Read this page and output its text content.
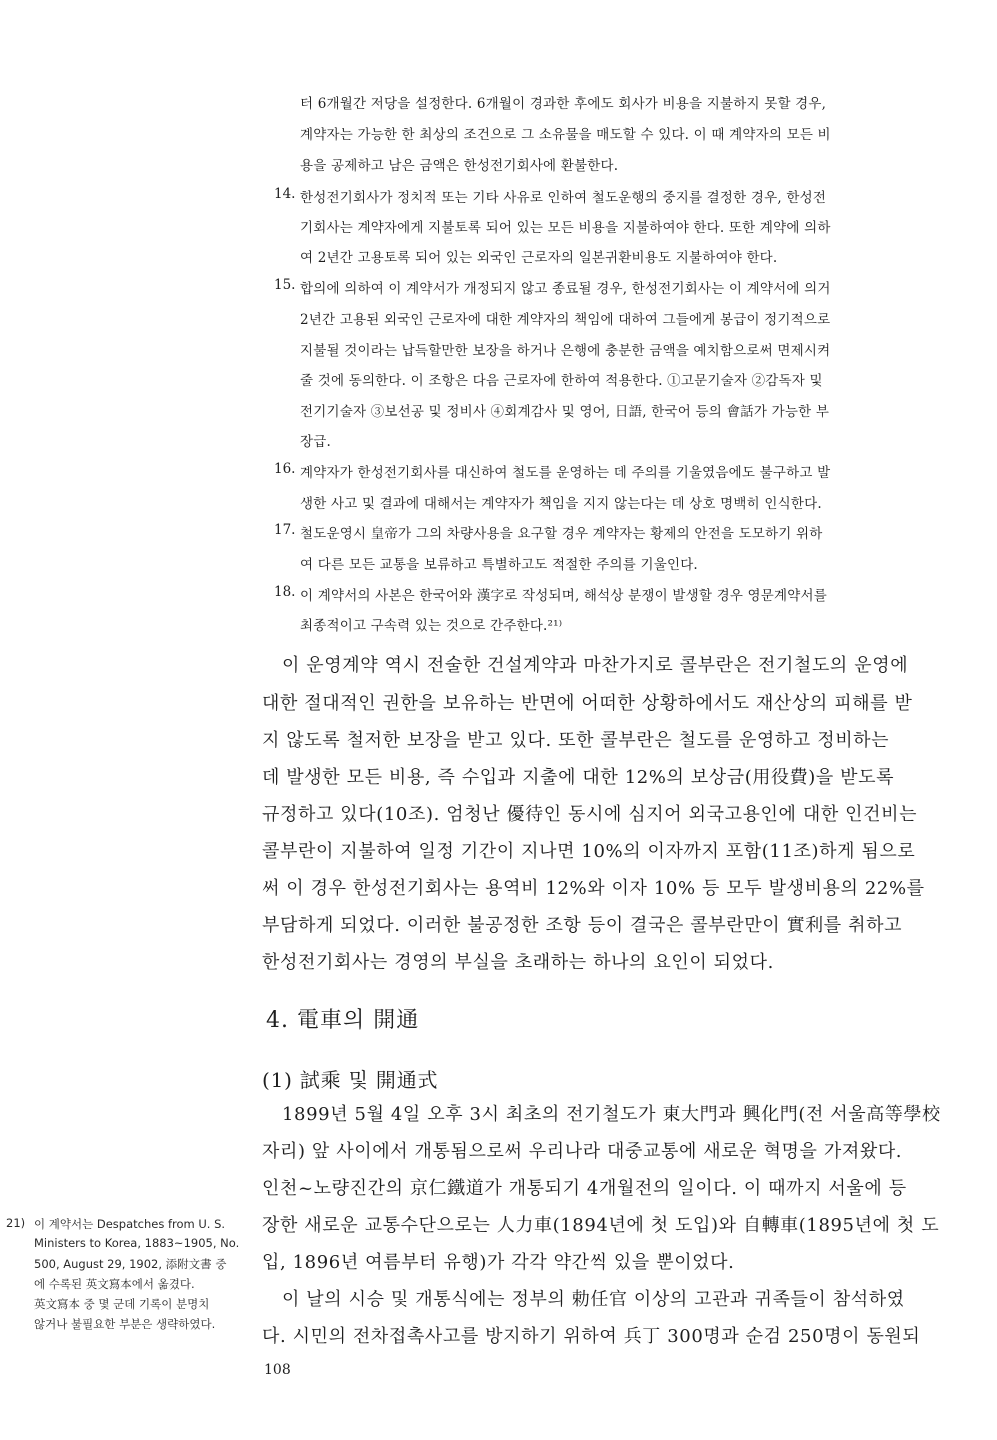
터 6개월간 저당을 설정한다. 6개월이 경과한 후에도 회사가 비용을 지불하지 못할 경우,
계약자는 가능한 한 최상의 조건으로 그 소유물을 매도할 수 있다. 이 때 계약자의 모든 비
용을 공제하고 남은 금액은 한성전기회사에 환불한다.
14. 한성전기회사가 정치적 또는 기타 사유로 인하여 철도운행의 중지를 결정한 경우, 한성전
기회사는 계약자에게 지불토록 되어 있는 모든 비용을 지불하여야 한다. 또한 계약에 의하
여 2년간 고용토록 되어 있는 외국인 근로자의 일본귀환비용도 지불하여야 한다.
15. 합의에 의하여 이 계약서가 개정되지 않고 종료될 경우, 한성전기회사는 이 계약서에 의거
2년간 고용된 외국인 근로자에 대한 계약자의 책임에 대하여 그들에게 봉급이 정기적으로
지불될 것이라는 납득할만한 보장을 하거나 은행에 충분한 금액을 예치함으로써 면제시켜
줄 것에 동의한다. 이 조항은 다음 근로자에 한하여 적용한다. ①고문기술자 ②감독자 및
전기기술자 ③보선공 및 정비사 ④회계감사 및 영어, 日語, 한국어 등의 會話가 가능한 부
장급.
16. 계약자가 한성전기회사를 대신하여 철도를 운영하는 데 주의를 기울였음에도 불구하고 발
생한 사고 및 결과에 대해서는 계약자가 책임을 지지 않는다는 데 상호 명백히 인식한다.
17. 철도운영시 皇帝가 그의 차량사용을 요구할 경우 계약자는 황제의 안전을 도모하기 위하
여 다른 모든 교통을 보류하고 특별하고도 적절한 주의를 기울인다.
18. 이 계약서의 사본은 한국어와 漢字로 작성되며, 해석상 분쟁이 발생할 경우 영문계약서를
최종적이고 구속력 있는 것으로 간주한다.²¹⁾
이 운영계약 역시 전술한 건설계약과 마찬가지로 콜부란은 전기철도의 운영에
대한 절대적인 권한을 보유하는 반면에 어떠한 상황하에서도 재산상의 피해를 받
지 않도록 철저한 보장을 받고 있다. 또한 콜부란은 철도를 운영하고 정비하는
데 발생한 모든 비용, 즉 수입과 지출에 대한 12%의 보상금(用役費)을 받도록
규정하고 있다(10조). 엄청난 優待인 동시에 심지어 외국고용인에 대한 인건비는
콜부란이 지불하여 일정 기간이 지나면 10%의 이자까지 포함(11조)하게 됨으로
써 이 경우 한성전기회사는 용역비 12%와 이자 10% 등 모두 발생비용의 22%를
부담하게 되었다. 이러한 불공정한 조항 등이 결국은 콜부란만이 實利를 취하고
한성전기회사는 경영의 부실을 초래하는 하나의 요인이 되었다.
4. 電車의 開通
(1) 試乘 및 開通式
1899년 5월 4일 오후 3시 최초의 전기철도가 東大門과 興化門(전 서울高等學校
자리) 앞 사이에서 개통됨으로써 우리나라 대중교통에 새로운 혁명을 가져왔다.
인천~노량진간의 京仁鐵道가 개통되기 4개월전의 일이다. 이 때까지 서울에 등
장한 새로운 교통수단으로는 人力車(1894년에 첫 도입)와 自轉車(1895년에 첫 도
입, 1896년 여름부터 유행)가 각각 약간씩 있을 뿐이었다.
이 날의 시승 및 개통식에는 정부의 勅任官 이상의 고관과 귀족들이 참석하였
다. 시민의 전차접촉사고를 방지하기 위하여 兵丁 300명과 순검 250명이 동원되
21) 이 계약서는 Despatches from U. S.
Ministers to Korea, 1883~1905, No.
500, August 29, 1902, 添附文書 중
에 수록된 英文寫本에서 옮겼다.
英文寫本 중 몇 군데 기록이 분명치
않거나 불필요한 부분은 생략하였다.
108
